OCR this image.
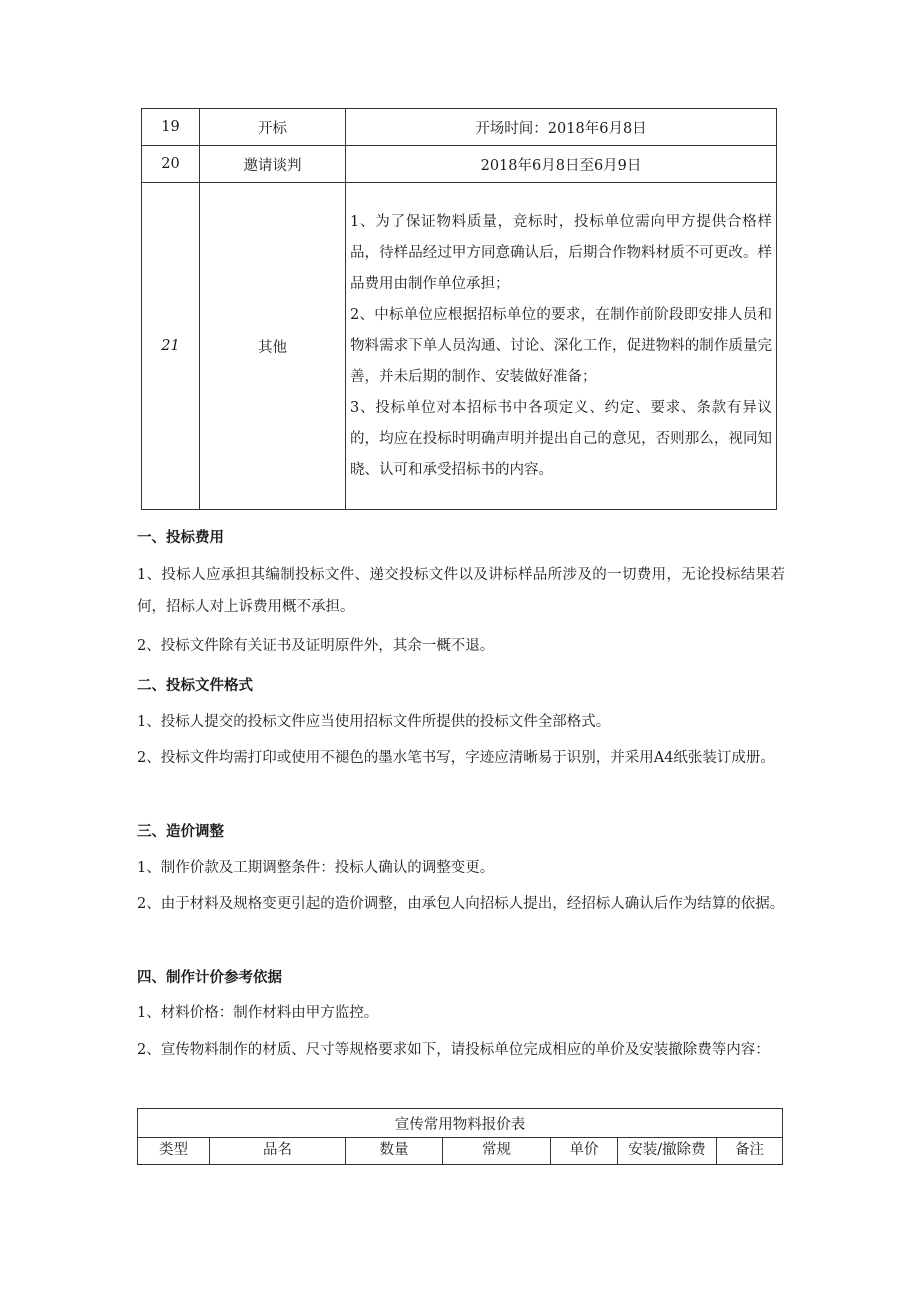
19	开标	开场时间：2018年6月8日
20	邀请谈判	2018年6月8日至6月9日
21	其他	1、为了保证物料质量，竞标时，投标单位需向甲方提供合格样品，待样品经过甲方同意确认后，后期合作物料材质不可更改。样品费用由制作单位承担；

2、中标单位应根据招标单位的要求，在制作前阶段即安排人员和物料需求下单人员沟通、讨论、深化工作，促进物料的制作质量完善，并未后期的制作、安装做好准备；

3、投标单位对本招标书中各项定义、约定、要求、条款有异议的，均应在投标时明确声明并提出自己的意见，否则那么，视同知晓、认可和承受招标书的内容。

一、投标费用
1、投标人应承担其编制投标文件、递交投标文件以及讲标样品所涉及的一切费用，无论投标结果若何，招标人对上诉费用概不承担。
2、投标文件除有关证书及证明原件外，其余一概不退。
二、投标文件格式
1、投标人提交的投标文件应当使用招标文件所提供的投标文件全部格式。
2、投标文件均需打印或使用不褪色的墨水笔书写，字迹应清晰易于识别，并采用A4纸张装订成册。
三、造价调整
1、制作价款及工期调整条件：投标人确认的调整变更。
2、由于材料及规格变更引起的造价调整，由承包人向招标人提出，经招标人确认后作为结算的依据。
四、制作计价参考依据
1、材料价格：制作材料由甲方监控。
2、宣传物料制作的材质、尺寸等规格要求如下，请投标单位完成相应的单价及安装撤除费等内容：
宣传常用物料报价表
类型	品名	数量	常规	单价	安装/撤除费	备注
